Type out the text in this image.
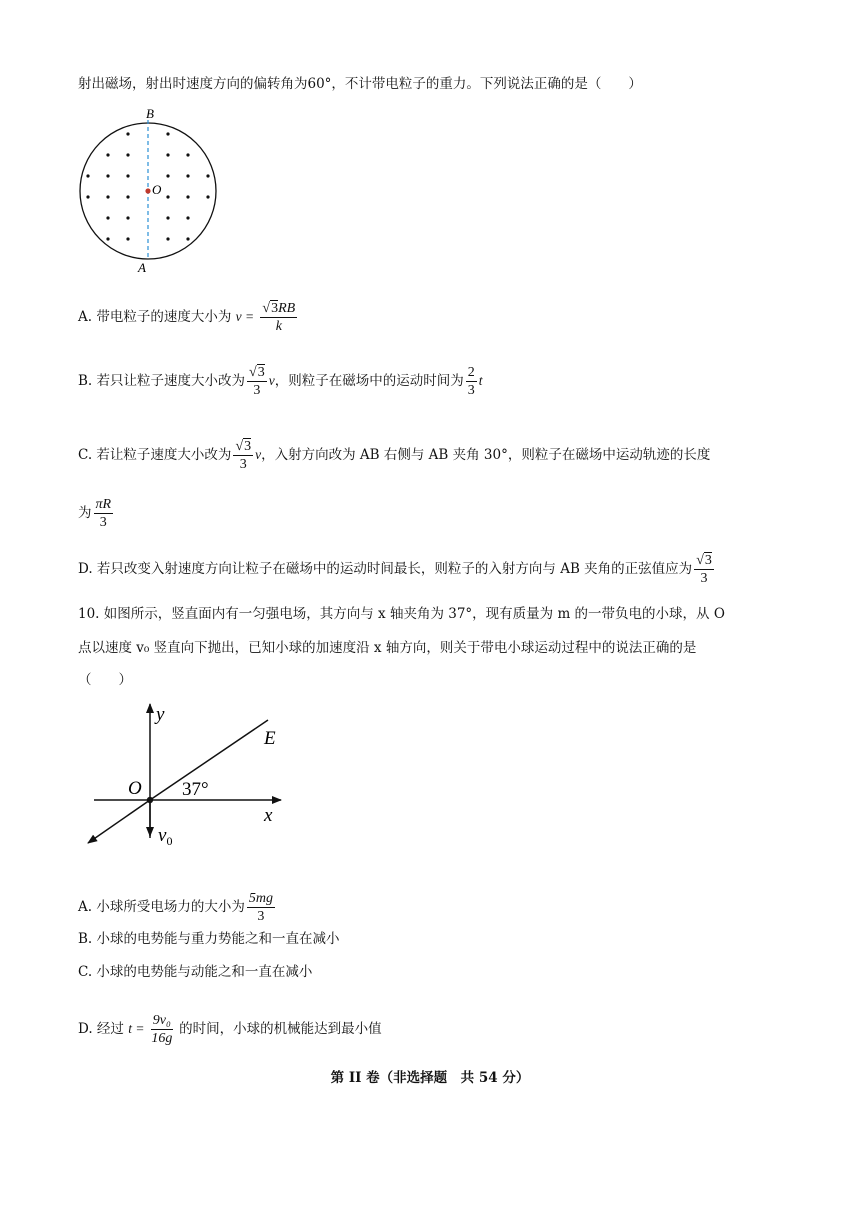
射出磁场，射出时速度方向的偏转角为60°，不计带电粒子的重力。下列说法正确的是（　　）
B
O
A
A. 带电粒子的速度大小为 $v = \frac{√3RB}{k}$
B. 若只让粒子速度大小改为 $\frac{√3}{3}$ v，则粒子在磁场中的运动时间为 $\frac{2}{3}$ t
C. 若让粒子速度大小改为 $\frac{√3}{3}$ v，入射方向改为 AB 右侧与 AB 夹角 30°，则粒子在磁场中运动轨迹的长度
为 $\frac{\pi R}{3}$
D. 若只改变入射速度方向让粒子在磁场中的运动时间最长，则粒子的入射方向与 AB 夹角的正弦值应为 $\frac{√3}{3}$
10. 如图所示，竖直面内有一匀强电场，其方向与 x 轴夹角为 37°，现有质量为 m 的一带负电的小球，从 O
点以速度 v₀ 竖直向下抛出，已知小球的加速度沿 x 轴方向，则关于带电小球运动过程中的说法正确的是
（　　）
y
E
O 37°
x
$v_0$
A. 小球所受电场力的大小为 $\frac{5mg}{3}$
B. 小球的电势能与重力势能之和一直在减小
C. 小球的电势能与动能之和一直在减小
D. 经过 $t = \frac{\text{9v₀}}{16g}$ 的时间，小球的机械能达到最小值
第 II 卷（非选择题　共 54 分）
